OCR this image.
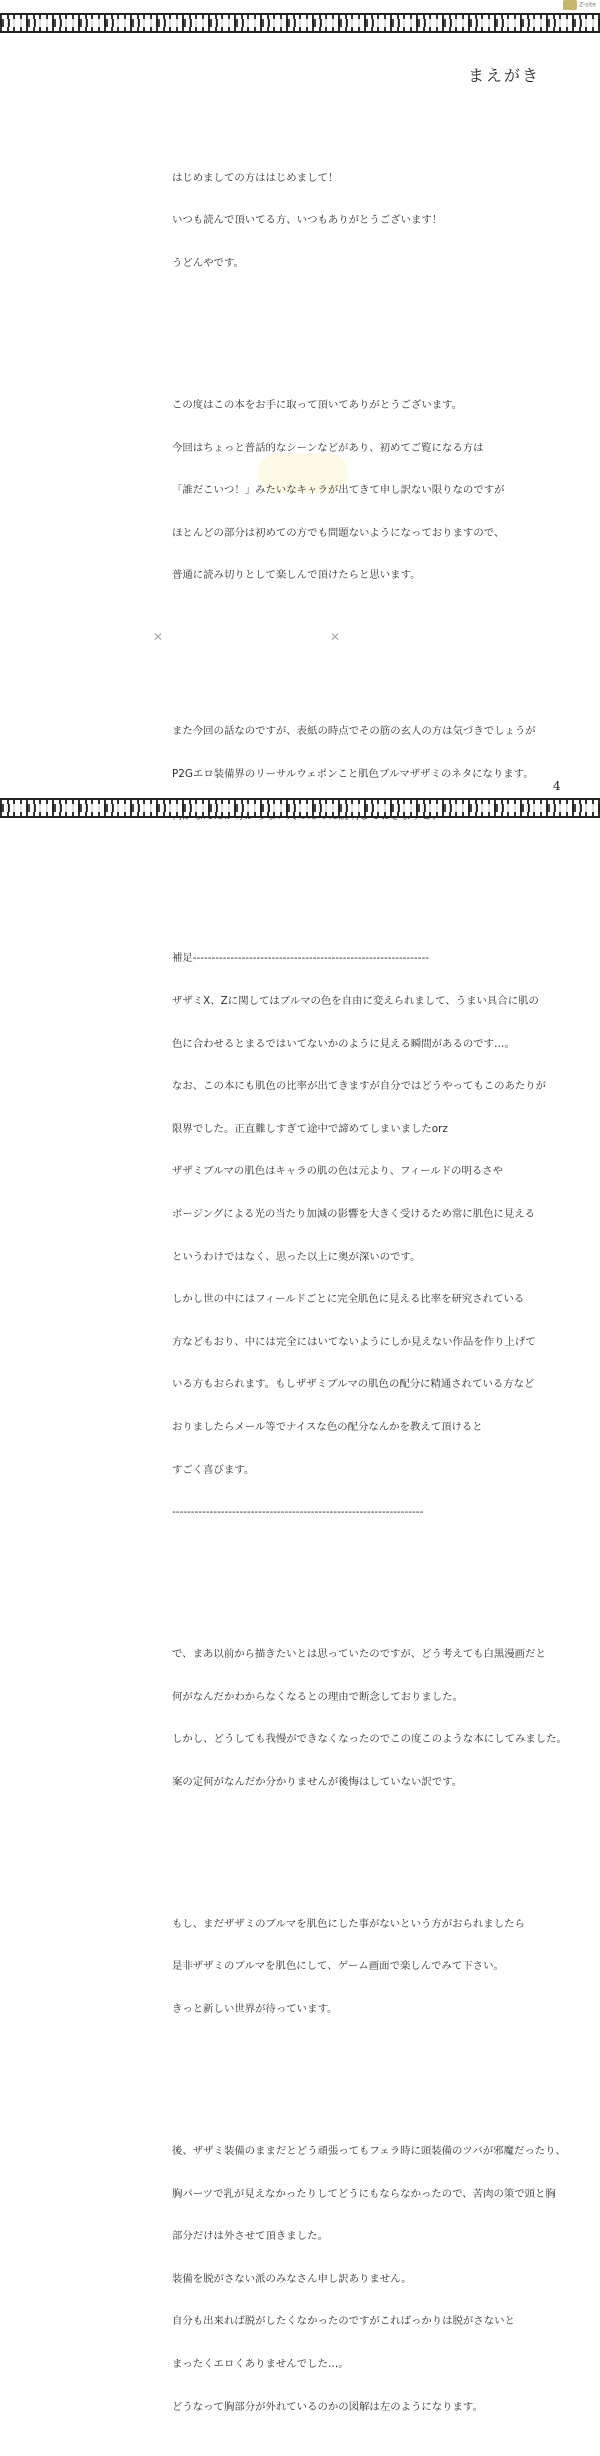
Z-site
まえがき

はじめましての方ははじめまして！

いつも読んで頂いてる方、いつもありがとうございます！

うどんやです。

この度はこの本をお手に取って頂いてありがとうございます。

今回はちょっと普話的なシーンなどがあり、初めてご覧になる方は

「誰だこいつ！」みたいなキャラが出てきて申し訳ない限りなのですが

ほとんどの部分は初めての方でも問題ないようになっておりますので、

普通に読み切りとして楽しんで頂けたらと思います。

また今回の話なのですが、表紙の時点でその筋の玄人の方は気づきでしょうが

P2Gエロ装備界のリーサルウェポンこと肌色ブルマザザミのネタになります。

補足---------------------------------------------------------------

ザザミX、Zに関してはブルマの色を自由に変えられまして、うまい具合に肌の

色に合わせるとまるではいてないかのように見える瞬間があるのです…。

なお、この本にも肌色の比率が出てきますが自分ではどうやってもこのあたりが

限界でした。正直難しすぎて途中で諦めてしまいましたorz

ザザミブルマの肌色はキャラの肌の色は元より、フィールドの明るさや

ポージングによる光の当たり加減の影響を大きく受けるため常に肌色に見える

というわけではなく、思った以上に奥が深いのです。

しかし世の中にはフィールドごとに完全肌色に見える比率を研究されている

方などもおり、中には完全にはいてないようにしか見えない作品を作り上げて

いる方もおられます。もしザザミブルマの肌色の配分に精通されている方など

おりましたらメール等でナイスな色の配分なんかを教えて頂けると

すごく喜びます。

-------------------------------------------------------------------

で、まあ以前から描きたいとは思っていたのですが、どう考えても白黒漫画だと

何がなんだかわからなくなるとの理由で断念しておりました。

しかし、どうしても我慢ができなくなったのでこの度このような本にしてみました。

案の定何がなんだか分かりませんが後悔はしていない訳です。

もし、まだザザミのブルマを肌色にした事がないという方がおられましたら

是非ザザミのブルマを肌色にして、ゲーム画面で楽しんでみて下さい。

きっと新しい世界が待っています。

後、ザザミ装備のままだとどう頑張ってもフェラ時に頭装備のツバが邪魔だったり、

胸パーツで乳が見えなかったりしてどうにもならなかったので、苦肉の策で頭と胸

部分だけは外させて頂きました。

装備を脱がさない派のみなさん申し訳ありません。

自分も出来れば脱がしたくなかったのですがこればっかりは脱がさないと

まったくエロくありませんでした…。

どうなって胸部分が外れているのかの図解は左のようになります。

✕	✕
4
